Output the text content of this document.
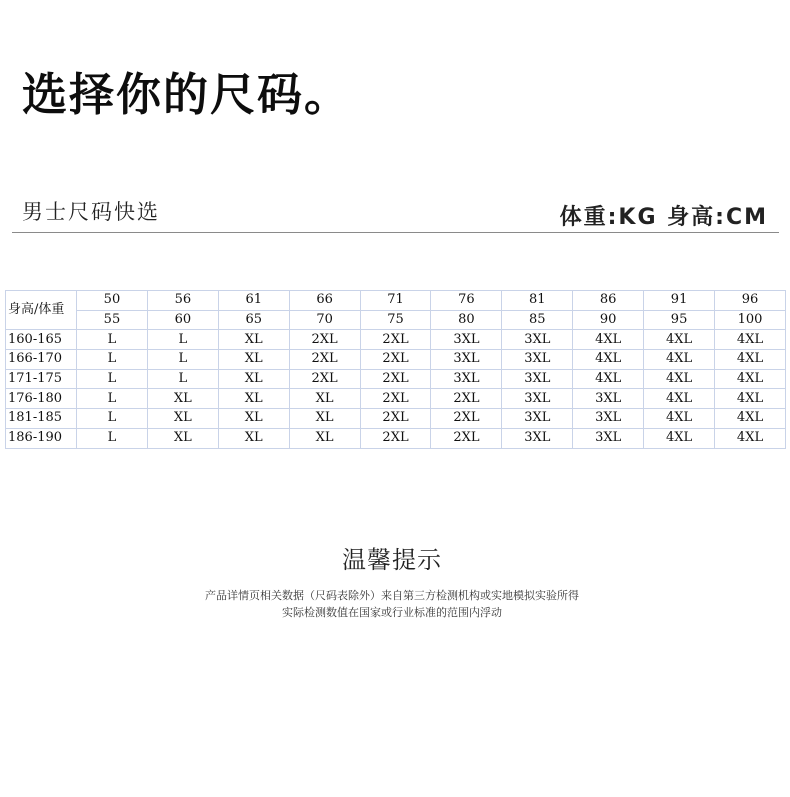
选择你的尺码。
男士尺码快选	体重:KG 身高:CM
身高/体重	50	56	61	66	71	76	81	86	91	96
	55	60	65	70	75	80	85	90	95	100
160-165	L	L	XL	2XL	2XL	3XL	3XL	4XL	4XL	4XL
166-170	L	L	XL	2XL	2XL	3XL	3XL	4XL	4XL	4XL
171-175	L	L	XL	2XL	2XL	3XL	3XL	4XL	4XL	4XL
176-180	L	XL	XL	XL	2XL	2XL	3XL	3XL	4XL	4XL
181-185	L	XL	XL	XL	2XL	2XL	3XL	3XL	4XL	4XL
186-190	L	XL	XL	XL	2XL	2XL	3XL	3XL	4XL	4XL
温馨提示
产品详情页相关数据（尺码表除外）来自第三方检测机构或实地模拟实验所得
实际检测数值在国家或行业标准的范围内浮动
